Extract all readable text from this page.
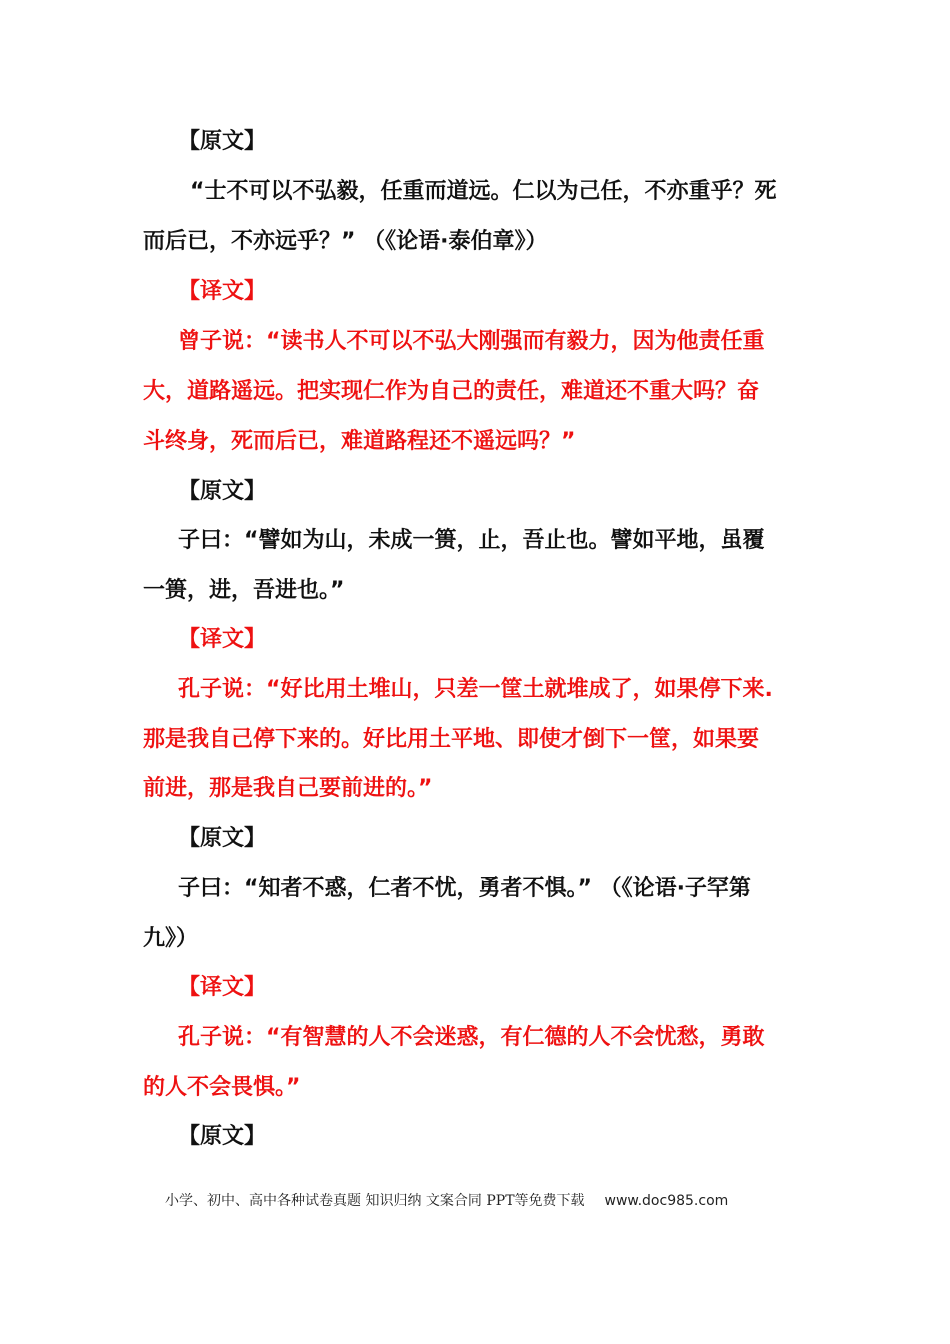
【原文】
“士不可以不弘毅，任重而道远。仁以为己任，不亦重乎？死
而后已，不亦远乎？” （《论语·泰伯章》）
【译文】
曾子说：“读书人不可以不弘大刚强而有毅力，因为他责任重
大，道路遥远。把实现仁作为自己的责任，难道还不重大吗？奋
斗终身，死而后已，难道路程还不遥远吗？”
【原文】
子曰：“譬如为山，未成一篑，止，吾止也。譬如平地，虽覆
一篑，进，吾进也。”
【译文】
孔子说：“好比用土堆山，只差一筐土就堆成了，如果停下来.
那是我自己停下来的。好比用土平地、即使才倒下一筐，如果要
前进，那是我自己要前进的。”
【原文】
子曰：“知者不惑，仁者不忧，勇者不惧。” （《论语·子罕第
九》）
【译文】
孔子说：“有智慧的人不会迷惑，有仁德的人不会忧愁，勇敢
的人不会畏惧。”
【原文】
小学、初中、高中各种试卷真题 知识归纳 文案合同 PPT等免费下载 www.doc985.com
